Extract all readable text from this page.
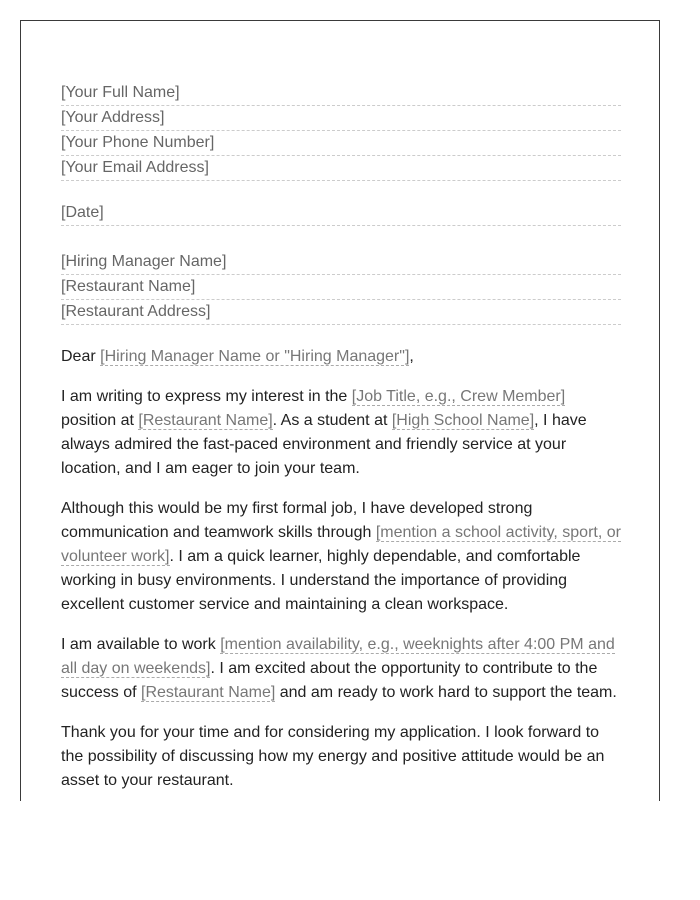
[Your Full Name]
[Your Address]
[Your Phone Number]
[Your Email Address]
[Date]
[Hiring Manager Name]
[Restaurant Name]
[Restaurant Address]
Dear [Hiring Manager Name or "Hiring Manager"],
I am writing to express my interest in the [Job Title, e.g., Crew Member] position at [Restaurant Name]. As a student at [High School Name], I have always admired the fast-paced environment and friendly service at your location, and I am eager to join your team.
Although this would be my first formal job, I have developed strong communication and teamwork skills through [mention a school activity, sport, or volunteer work]. I am a quick learner, highly dependable, and comfortable working in busy environments. I understand the importance of providing excellent customer service and maintaining a clean workspace.
I am available to work [mention availability, e.g., weeknights after 4:00 PM and all day on weekends]. I am excited about the opportunity to contribute to the success of [Restaurant Name] and am ready to work hard to support the team.
Thank you for your time and for considering my application. I look forward to the possibility of discussing how my energy and positive attitude would be an asset to your restaurant.
